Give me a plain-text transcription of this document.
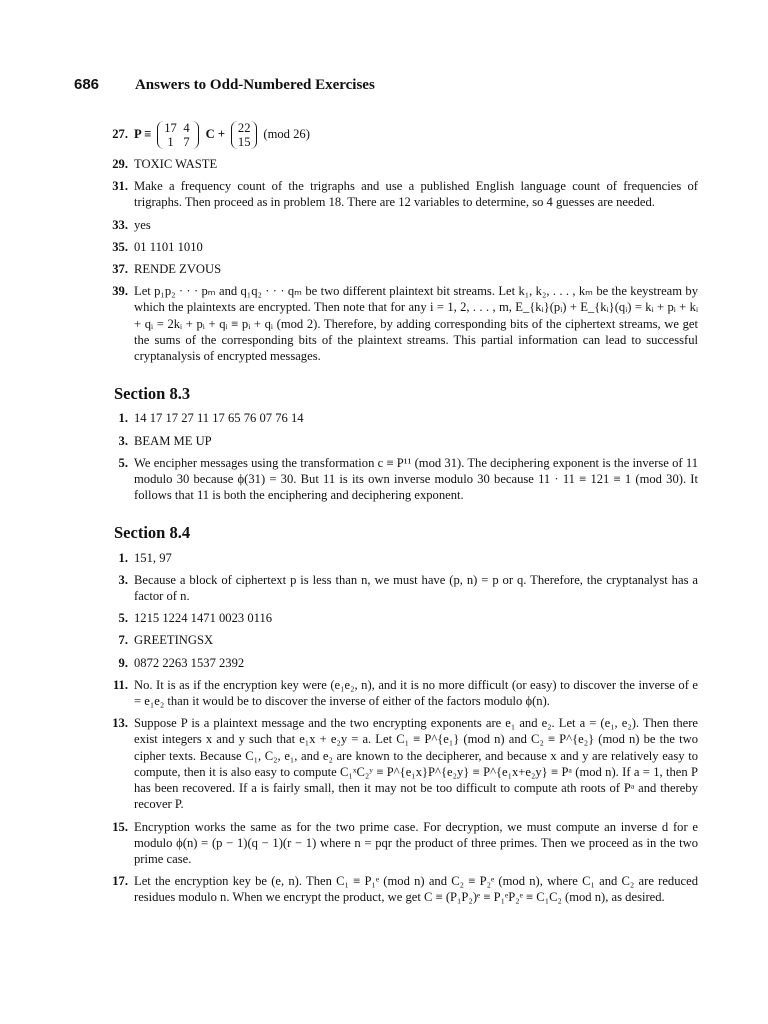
686 Answers to Odd-Numbered Exercises
27. P ≡ 17 4
1 7 C + 22
15 (mod 26)
29. TOXIC WASTE
31. Make a frequency count of the trigraphs and use a published English language count of frequencies of trigraphs. Then proceed as in problem 18. There are 12 variables to determine, so 4 guesses are needed.
33. yes
35. 01 1101 1010
37. RENDE ZVOUS
39. Let p₁p₂ · · · pₘ and q₁q₂ · · · qₘ be two different plaintext bit streams. Let k₁, k₂, . . . , kₘ be the keystream by which the plaintexts are encrypted. Then note that for any i = 1, 2, . . . , m, E_{kᵢ}(pᵢ) + E_{kᵢ}(qᵢ) = kᵢ + pᵢ + kᵢ + qᵢ = 2kᵢ + pᵢ + qᵢ ≡ pᵢ + qᵢ (mod 2). Therefore, by adding corresponding bits of the ciphertext streams, we get the sums of the corresponding bits of the plaintext streams. This partial information can lead to successful cryptanalysis of encrypted messages.
Section 8.3
1. 14 17 17 27 11 17 65 76 07 76 14
3. BEAM ME UP
5. We encipher messages using the transformation c ≡ P¹¹ (mod 31). The deciphering exponent is the inverse of 11 modulo 30 because ϕ(31) = 30. But 11 is its own inverse modulo 30 because 11 · 11 ≡ 121 ≡ 1 (mod 30). It follows that 11 is both the enciphering and deciphering exponent.
Section 8.4
1. 151, 97
3. Because a block of ciphertext p is less than n, we must have (p, n) = p or q. Therefore, the cryptanalyst has a factor of n.
5. 1215 1224 1471 0023 0116
7. GREETINGSX
9. 0872 2263 1537 2392
11. No. It is as if the encryption key were (e₁e₂, n), and it is no more difficult (or easy) to discover the inverse of e = e₁e₂ than it would be to discover the inverse of either of the factors modulo ϕ(n).
13. Suppose P is a plaintext message and the two encrypting exponents are e₁ and e₂. Let a = (e₁, e₂). Then there exist integers x and y such that e₁x + e₂y = a. Let C₁ ≡ P^{e₁} (mod n) and C₂ ≡ P^{e₂} (mod n) be the two cipher texts. Because C₁, C₂, e₁, and e₂ are known to the decipherer, and because x and y are relatively easy to compute, then it is also easy to compute C₁ˣC₂ʸ ≡ P^{e₁x}P^{e₂y} ≡ P^{e₁x+e₂y} ≡ Pᵃ (mod n). If a = 1, then P has been recovered. If a is fairly small, then it may not be too difficult to compute ath roots of Pᵃ and thereby recover P.
15. Encryption works the same as for the two prime case. For decryption, we must compute an inverse d for e modulo ϕ(n) = (p − 1)(q − 1)(r − 1) where n = pqr the product of three primes. Then we proceed as in the two prime case.
17. Let the encryption key be (e, n). Then C₁ ≡ P₁ᵉ (mod n) and C₂ ≡ P₂ᵉ (mod n), where C₁ and C₂ are reduced residues modulo n. When we encrypt the product, we get C ≡ (P₁P₂)ᵉ ≡ P₁ᵉP₂ᵉ ≡ C₁C₂ (mod n), as desired.
